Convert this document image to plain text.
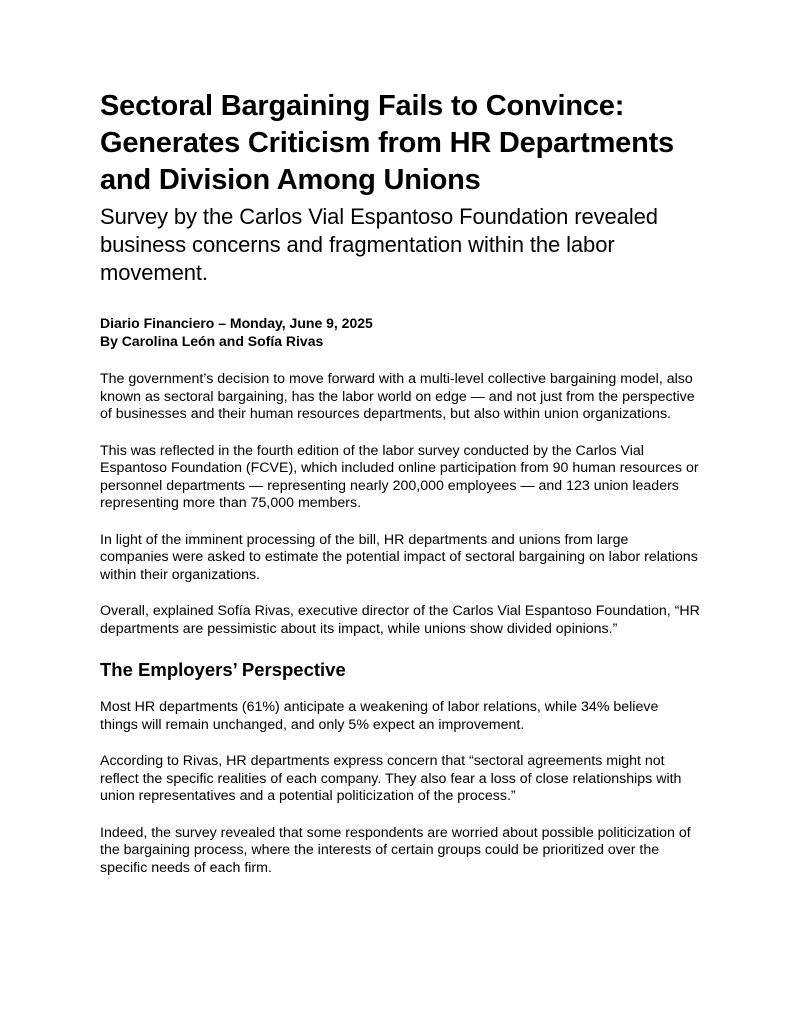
Sectoral Bargaining Fails to Convince: Generates Criticism from HR Departments and Division Among Unions
Survey by the Carlos Vial Espantoso Foundation revealed business concerns and fragmentation within the labor movement.
Diario Financiero – Monday, June 9, 2025
By Carolina León and Sofía Rivas

The government’s decision to move forward with a multi-level collective bargaining model, also known as sectoral bargaining, has the labor world on edge — and not just from the perspective of businesses and their human resources departments, but also within union organizations.

This was reflected in the fourth edition of the labor survey conducted by the Carlos Vial Espantoso Foundation (FCVE), which included online participation from 90 human resources or personnel departments — representing nearly 200,000 employees — and 123 union leaders representing more than 75,000 members.

In light of the imminent processing of the bill, HR departments and unions from large companies were asked to estimate the potential impact of sectoral bargaining on labor relations within their organizations.

Overall, explained Sofía Rivas, executive director of the Carlos Vial Espantoso Foundation, “HR departments are pessimistic about its impact, while unions show divided opinions.”

The Employers’ Perspective

Most HR departments (61%) anticipate a weakening of labor relations, while 34% believe things will remain unchanged, and only 5% expect an improvement.

According to Rivas, HR departments express concern that “sectoral agreements might not reflect the specific realities of each company. They also fear a loss of close relationships with union representatives and a potential politicization of the process.”

Indeed, the survey revealed that some respondents are worried about possible politicization of the bargaining process, where the interests of certain groups could be prioritized over the specific needs of each firm.
